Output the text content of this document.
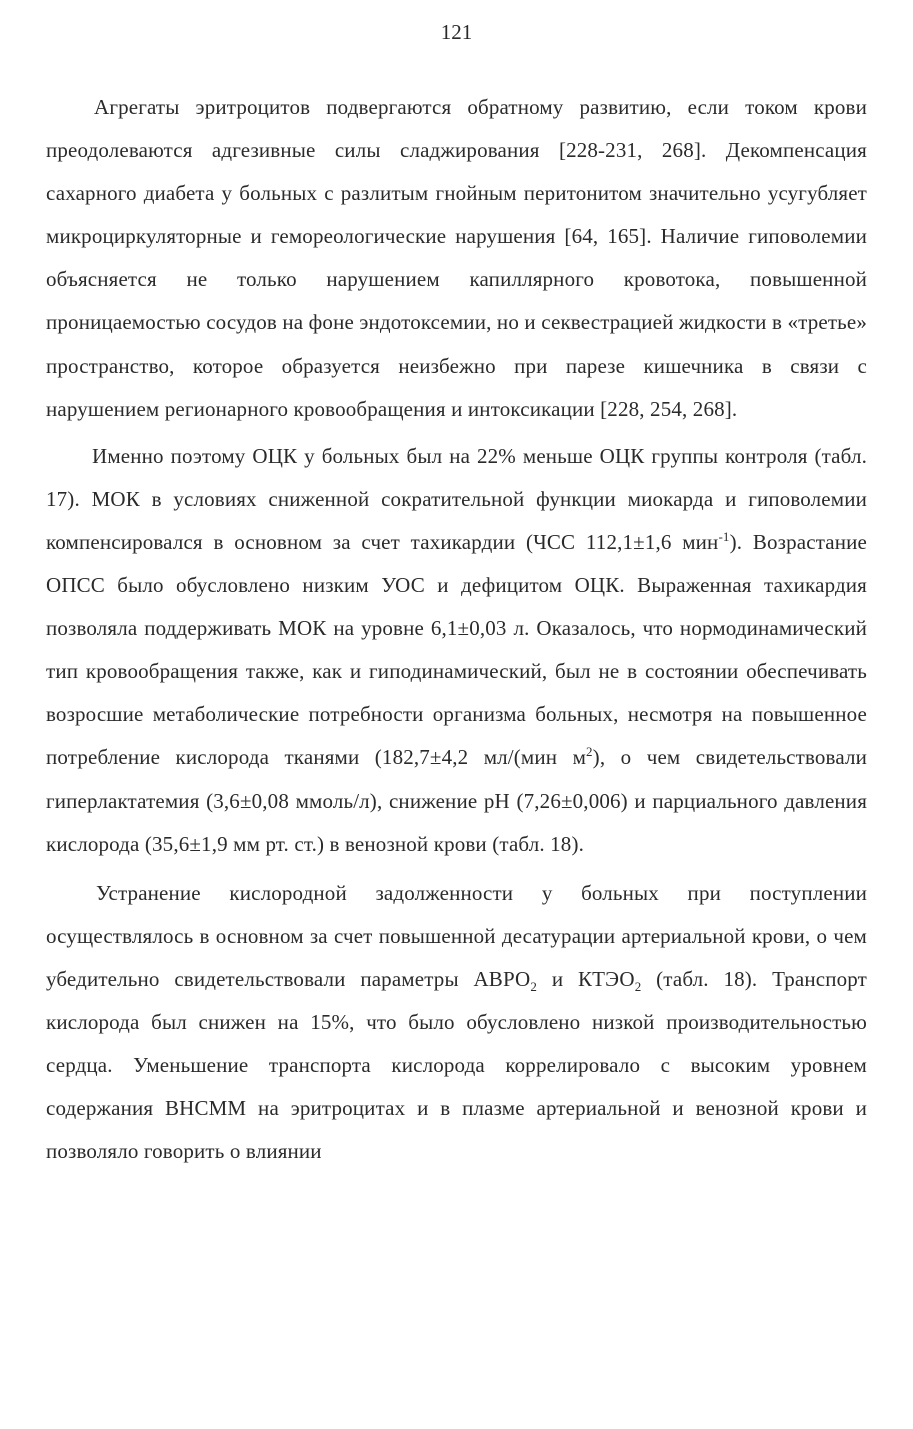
121

Агрегаты эритроцитов подвергаются обратному развитию, если током крови преодолеваются адгезивные силы сладжирования [228-231, 268]. Декомпенсация сахарного диабета у больных с разлитым гнойным перитонитом значительно усугубляет микроциркуляторные и гемореологические нарушения [64, 165]. Наличие гиповолемии объясняется не только нарушением капиллярного кровотока, повышенной проницаемостью сосудов на фоне эндотоксемии, но и секвестрацией жидкости в «третье» пространство, которое образуется неизбежно при парезе кишечника в связи с нарушением регионарного кровообращения и интоксикации [228, 254, 268].

Именно поэтому ОЦК у больных был на 22% меньше ОЦК группы контроля (табл. 17). МОК в условиях сниженной сократительной функции миокарда и гиповолемии компенсировался в основном за счет тахикардии (ЧСС 112,1±1,6 мин$^{-1}$). Возрастание ОПСС было обусловлено низким УОС и дефицитом ОЦК. Выраженная тахикардия позволяла поддерживать МОК на уровне 6,1±0,03 л. Оказалось, что нормодинамический тип кровообращения также, как и гиподинамический, был не в состоянии обеспечивать возросшие метаболические потребности организма больных, несмотря на повышенное потребление кислорода тканями (182,7±4,2 мл/(мин $м^2$), о чем свидетельствовали гиперлактатемия (3,6±0,08 ммоль/л), снижение рН (7,26±0,006) и парциального давления кислорода (35,6±1,9 мм рт. ст.) в венозной крови (табл. 18).

Устранение кислородной задолженности у больных при поступлении осуществлялось в основном за счет повышенной десатурации артериальной крови, о чем убедительно свидетельствовали параметры $АВРО_2$ и $КТЭО_2$ (табл. 18). Транспорт кислорода был снижен на 15%, что было обусловлено низкой производительностью сердца. Уменьшение транспорта кислорода коррелировало с высоким уровнем содержания ВНСММ на эритроцитах и в плазме артериальной и венозной крови и позволяло говорить о влиянии
